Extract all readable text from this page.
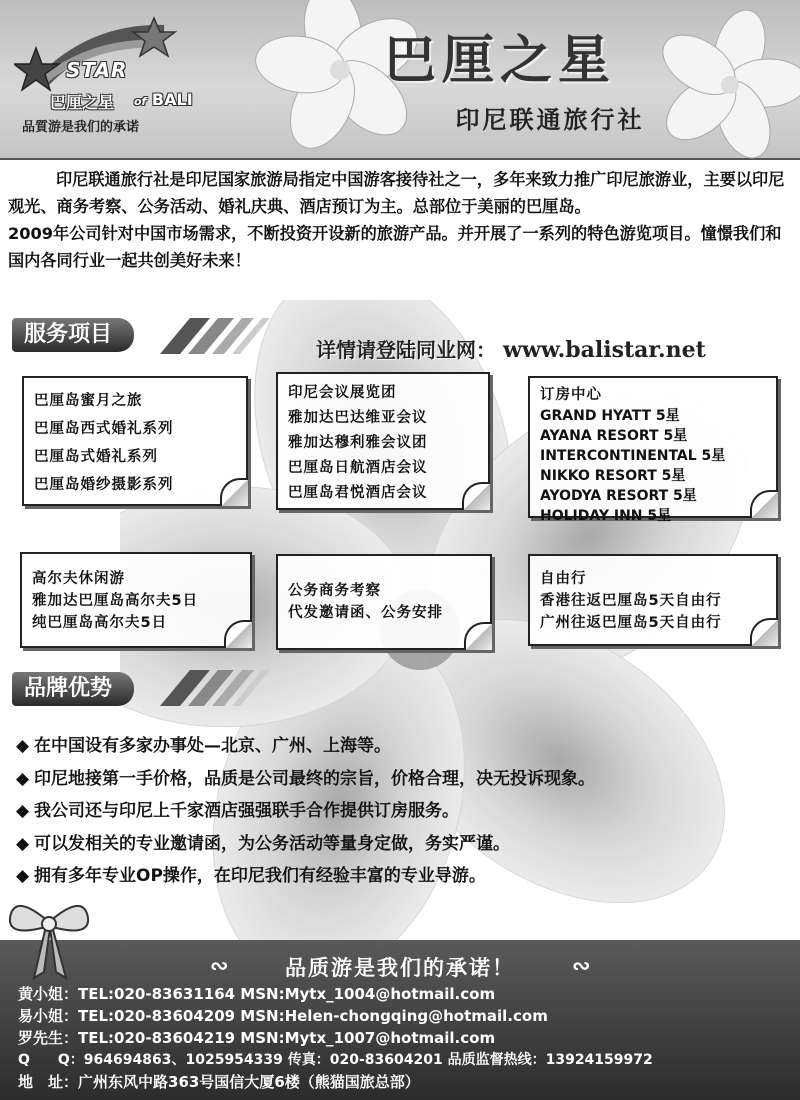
STAR
of BALI
巴厘之星
品質游是我们的承诺
巴厘之星
印尼联通旅行社

印尼联通旅行社是印尼国家旅游局指定中国游客接待社之一，多年来致力推广印尼旅游业，主要以印尼观光、商务考察、公务活动、婚礼庆典、酒店预订为主。总部位于美丽的巴厘岛。

2009年公司针对中国市场需求，不断投资开设新的旅游产品。并开展了一系列的特色游览项目。憧憬我们和国内各同行业一起共创美好未来！

服务项目
详情请登陆同业网： www.balistar.net
巴厘岛蜜月之旅
巴厘岛西式婚礼系列
巴厘岛式婚礼系列
巴厘岛婚纱摄影系列
印尼会议展览团
雅加达巴达维亚会议
雅加达穆利雅会议团
巴厘岛日航酒店会议
巴厘岛君悦酒店会议
订房中心
GRAND HYATT 5星
AYANA RESORT 5星
INTERCONTINENTAL 5星
NIKKO RESORT 5星
AYODYA RESORT 5星
HOLIDAY INN 5星
高尔夫休闲游
雅加达巴厘岛高尔夫5日
纯巴厘岛高尔夫5日
公务商务考察
代发邀请函、公务安排
自由行
香港往返巴厘岛5天自由行
广州往返巴厘岛5天自由行
品牌优势
◆ 在中国设有多家办事处—北京、广州、上海等。
◆ 印尼地接第一手价格，品质是公司最终的宗旨，价格合理，决无投诉现象。
◆ 我公司还与印尼上千家酒店强强联手合作提供订房服务。
◆ 可以发相关的专业邀请函，为公务活动等量身定做，务实严谨。
◆ 拥有多年专业OP操作，在印尼我们有经验丰富的专业导游。
∾	品质游是我们的承诺！	∾
黄小姐：TEL:020-83631164 MSN:Mytx_1004@hotmail.com
易小姐：TEL:020-83604209 MSN:Helen-chongqing@hotmail.com
罗先生：TEL:020-83604219 MSN:Mytx_1007@hotmail.com
Q　　Q：964694863、1025954339 传真：020-83604201 品质监督热线：13924159972
地　址：广州东风中路363号国信大厦6楼（熊猫国旅总部）
